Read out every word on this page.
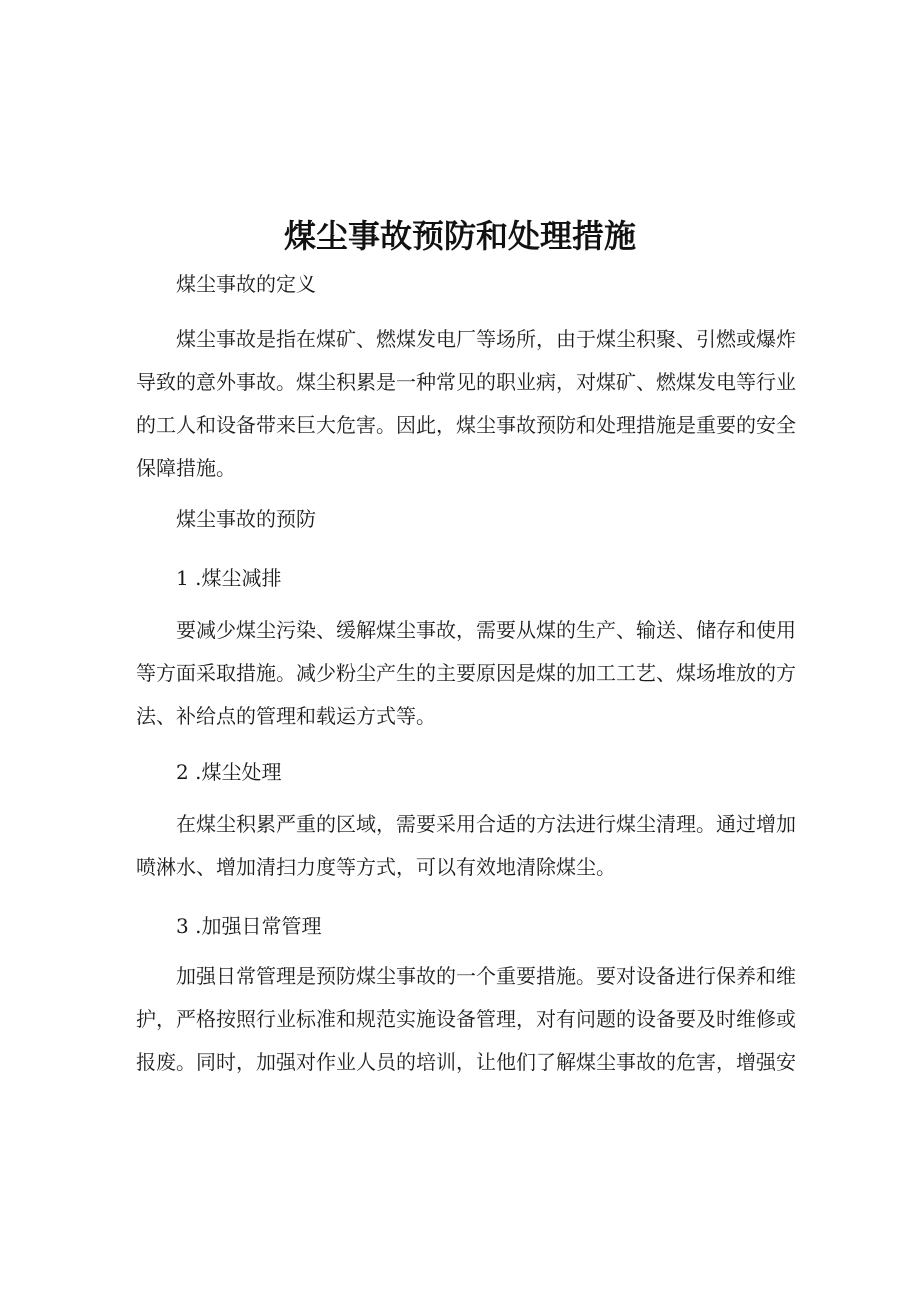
煤尘事故预防和处理措施
煤尘事故的定义
煤尘事故是指在煤矿、燃煤发电厂等场所，由于煤尘积聚、引燃或爆炸导致的意外事故。煤尘积累是一种常见的职业病，对煤矿、燃煤发电等行业的工人和设备带来巨大危害。因此，煤尘事故预防和处理措施是重要的安全保障措施。
煤尘事故的预防
1 .煤尘减排
要减少煤尘污染、缓解煤尘事故，需要从煤的生产、输送、储存和使用等方面采取措施。减少粉尘产生的主要原因是煤的加工工艺、煤场堆放的方法、补给点的管理和载运方式等。
2 .煤尘处理
在煤尘积累严重的区域，需要采用合适的方法进行煤尘清理。通过增加喷淋水、增加清扫力度等方式，可以有效地清除煤尘。
3 .加强日常管理
加强日常管理是预防煤尘事故的一个重要措施。要对设备进行保养和维护，严格按照行业标准和规范实施设备管理，对有问题的设备要及时维修或报废。同时，加强对作业人员的培训，让他们了解煤尘事故的危害，增强安
